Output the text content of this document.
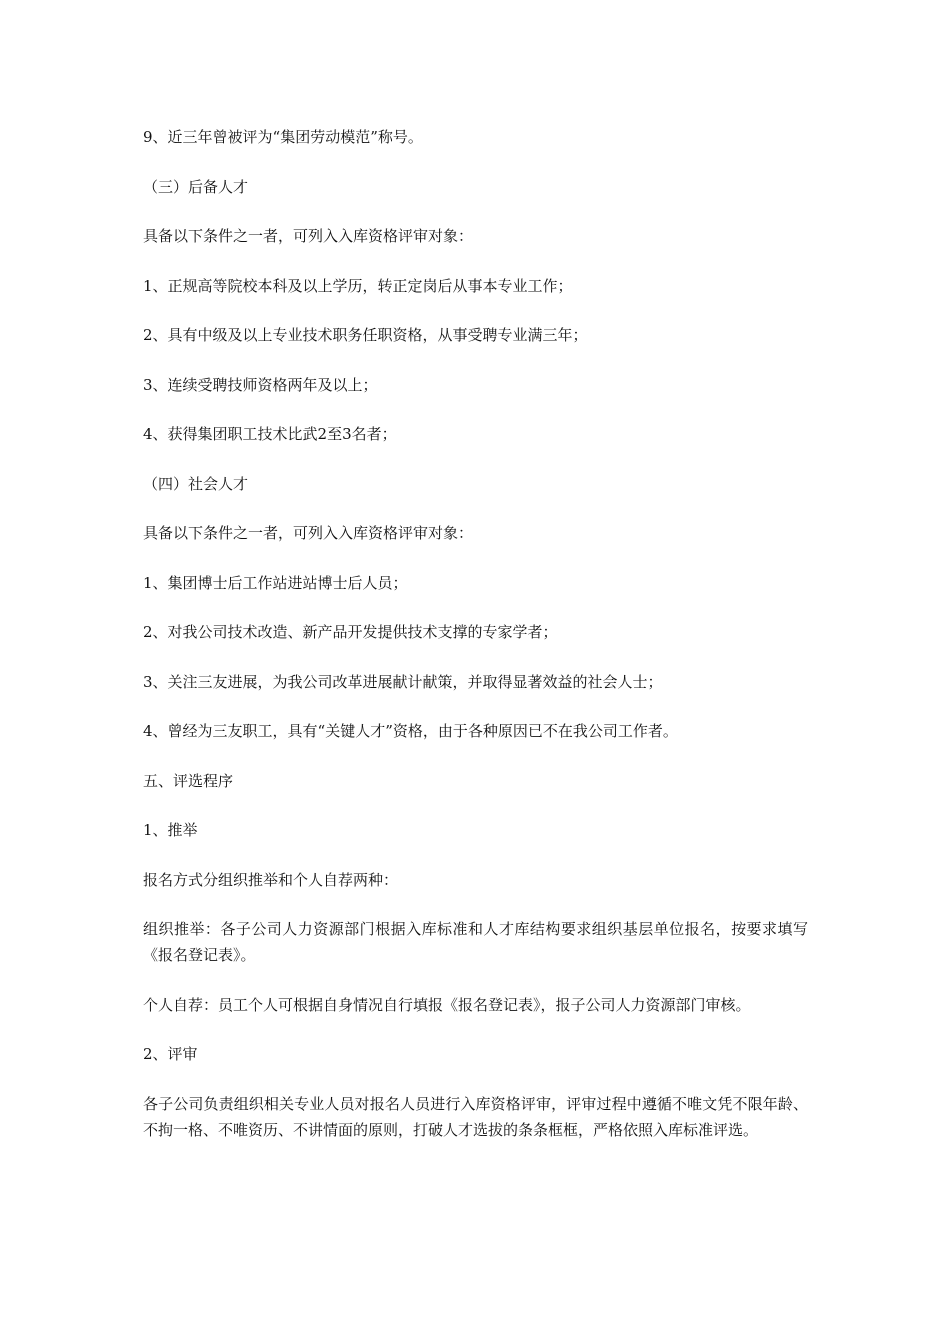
9、近三年曾被评为“集团劳动模范”称号。

（三）后备人才

具备以下条件之一者，可列入入库资格评审对象：

1、正规高等院校本科及以上学历，转正定岗后从事本专业工作；

2、具有中级及以上专业技术职务任职资格，从事受聘专业满三年；

3、连续受聘技师资格两年及以上；

4、获得集团职工技术比武2至3名者；

（四）社会人才

具备以下条件之一者，可列入入库资格评审对象：

1、集团博士后工作站进站博士后人员；

2、对我公司技术改造、新产品开发提供技术支撑的专家学者；

3、关注三友进展，为我公司改革进展献计献策，并取得显著效益的社会人士；

4、曾经为三友职工，具有“关键人才”资格，由于各种原因已不在我公司工作者。

五、评选程序

1、推举

报名方式分组织推举和个人自荐两种：

组织推举：各子公司人力资源部门根据入库标准和人才库结构要求组织基层单位报名，按要求填写《报名登记表》。

个人自荐：员工个人可根据自身情况自行填报《报名登记表》，报子公司人力资源部门审核。

2、评审

各子公司负责组织相关专业人员对报名人员进行入库资格评审，评审过程中遵循不唯文凭不限年龄、不拘一格、不唯资历、不讲情面的原则，打破人才选拔的条条框框，严格依照入库标准评选。
